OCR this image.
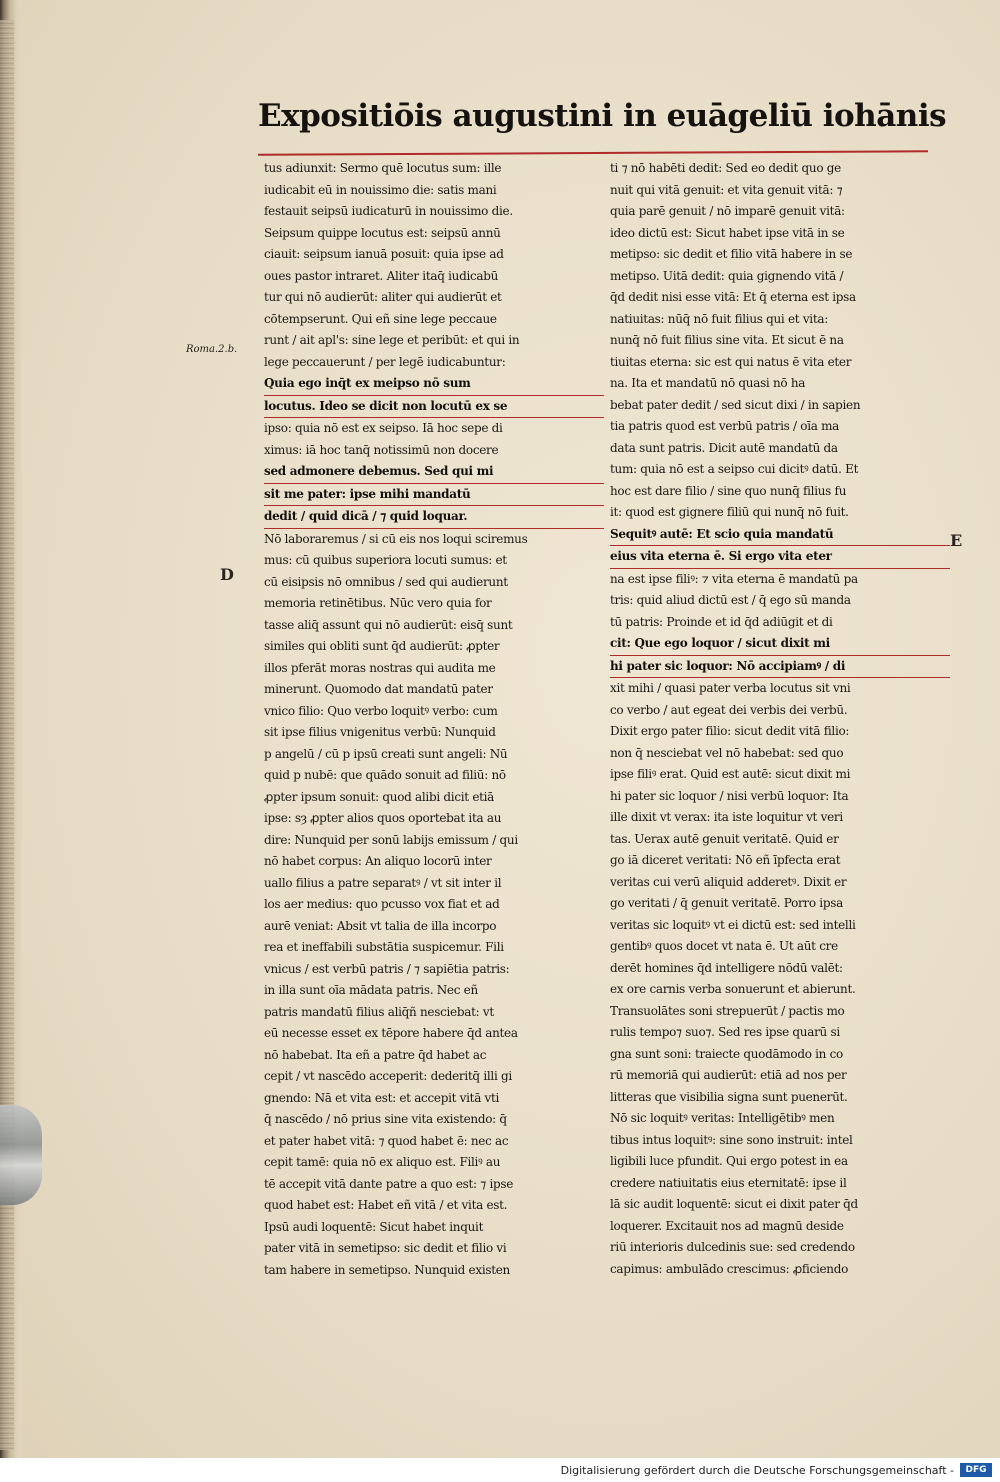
Expositiōis augustini in euāgeliū iohānis
Roma.2.b.
D
E
tus adiunxit: Sermo quē locutus sum: ille
iudicabit eū in nouissimo die: satis mani
festauit seipsū iudicaturū in nouissimo die.
Seipsum quippe locutus est: seipsū annū
ciauit: seipsum ianuā posuit: quia ipse ad
oues pastor intraret. Aliter itaq̄ iudicabū
tur qui nō audierūt: aliter qui audierūt et
cōtempserunt. Qui eñ sine lege peccaue
runt / ait apl's: sine lege et peribūt: et qui in
lege peccauerunt / per legē iudicabuntur:
Quia ego inq̄t ex meipso nō sum
locutus. Ideo se dicit non locutū ex se
ipso: quia nō est ex seipso. Iā hoc sepe di
ximus: iā hoc tanq̄ notissimū non docere
sed admonere debemus. Sed qui mi
sit me pater: ipse mihi mandatū
dedit / quid dicā / ⁊ quid loquar.
Nō laboraremus / si cū eis nos loqui sciremus
mus: cū quibus superiora locuti sumus: et
cū eisipsis nō omnibus / sed qui audierunt
memoria retinētibus. Nūc vero quia for
tasse aliq̄ assunt qui nō audierūt: eisq̄ sunt
similes qui obliti sunt q̄d audierūt: ꝓpter
illos pferāt moras nostras qui audita me
minerunt. Quomodo dat mandatū pater
vnico filio: Quo verbo loquitꝰ verbo: cum
sit ipse filius vnigenitus verbū: Nunquid
p angelū / cū p ipsū creati sunt angeli: Nū
quid p nubē: que quādo sonuit ad filiū: nō
ꝓpter ipsum sonuit: quod alibi dicit etiā
ipse: sȝ ꝓpter alios quos oportebat ita au
dire: Nunquid per sonū labijs emissum / qui
nō habet corpus: An aliquo locorū inter
uallo filius a patre separatꝰ / vt sit inter il
los aer medius: quo pcusso vox fiat et ad
aurē veniat: Absit vt talia de illa incorpo
rea et ineffabili substātia suspicemur. Fili
vnicus / est verbū patris / ⁊ sapiētia patris:
in illa sunt oīa mādata patris. Nec eñ
patris mandatū filius aliq̄ñ nesciebat: vt
eū necesse esset ex tēpore habere q̄d antea
nō habebat. Ita eñ a patre q̄d habet ac
cepit / vt nascēdo acceperit: dederitq̄ illi gi
gnendo: Nā et vita est: et accepit vitā vti
q̄ nascēdo / nō prius sine vita existendo: q̄
et pater habet vitā: ⁊ quod habet ē: nec ac
cepit tamē: quia nō ex aliquo est. Filiꝰ au
tē accepit vitā dante patre a quo est: ⁊ ipse
quod habet est: Habet eñ vitā / et vita est.
Ipsū audi loquentē: Sicut habet inquit
pater vitā in semetipso: sic dedit et filio vi
tam habere in semetipso. Nunquid existen
ti ⁊ nō habēti dedit: Sed eo dedit quo ge
nuit qui vitā genuit: et vita genuit vitā: ⁊
quia parē genuit / nō imparē genuit vitā:
ideo dictū est: Sicut habet ipse vitā in se
metipso: sic dedit et filio vitā habere in se
metipso. Uitā dedit: quia gignendo vitā /
q̄d dedit nisi esse vitā: Et q̄ eterna est ipsa
natiuitas: nūq̄ nō fuit filius qui et vita:
nunq̄ nō fuit filius sine vita. Et sicut ē na
tiuitas eterna: sic est qui natus ē vita eter
na. Ita et mandatū nō quasi nō ha
bebat pater dedit / sed sicut dixi / in sapien
tia patris quod est verbū patris / oīa ma
data sunt patris. Dicit autē mandatū da
tum: quia nō est a seipso cui dicitꝰ datū. Et
hoc est dare filio / sine quo nunq̄ filius fu
it: quod est gignere filiū qui nunq̄ nō fuit.
Sequitꝰ autē: Et scio quia mandatū
eius vita eterna ē. Si ergo vita eter
na est ipse filiꝰ: ⁊ vita eterna ē mandatū pa
tris: quid aliud dictū est / q̄ ego sū manda
tū patris: Proinde et id q̄d adiūgit et di
cit: Que ego loquor / sicut dixit mi
hi pater sic loquor: Nō accipiamꝰ / di
xit mihi / quasi pater verba locutus sit vni
co verbo / aut egeat dei verbis dei verbū.
Dixit ergo pater filio: sicut dedit vitā filio:
non q̄ nesciebat vel nō habebat: sed quo
ipse filiꝰ erat. Quid est autē: sicut dixit mi
hi pater sic loquor / nisi verbū loquor: Ita
ille dixit vt verax: ita iste loquitur vt veri
tas. Uerax autē genuit veritatē. Quid er
go iā diceret veritati: Nō eñ īpfecta erat
veritas cui verū aliquid adderetꝰ. Dixit er
go veritati / q̄ genuit veritatē. Porro ipsa
veritas sic loquitꝰ vt ei dictū est: sed intelli
gentibꝰ quos docet vt nata ē. Ut aūt cre
derēt homines q̄d intelligere nōdū valēt:
ex ore carnis verba sonuerunt et abierunt.
Transuolātes soni strepuerūt / pactis mo
rulis tempo⁊ suo⁊. Sed res ipse quarū si
gna sunt soni: traiecte quodāmodo in co
rū memoriā qui audierūt: etiā ad nos per
litteras que visibilia signa sunt puenerūt.
Nō sic loquitꝰ veritas: Intelligētibꝰ men
tibus intus loquitꝰ: sine sono instruit: intel
ligibili luce pfundit. Qui ergo potest in ea
credere natiuitatis eius eternitatē: ipse il
lā sic audit loquentē: sicut ei dixit pater q̄d
loquerer. Excitauit nos ad magnū deside
riū interioris dulcedinis sue: sed credendo
capimus: ambulādo crescimus: ꝓficiendo
Digitalisierung gefördert durch die Deutsche Forschungsgemeinschaft -	DFG
